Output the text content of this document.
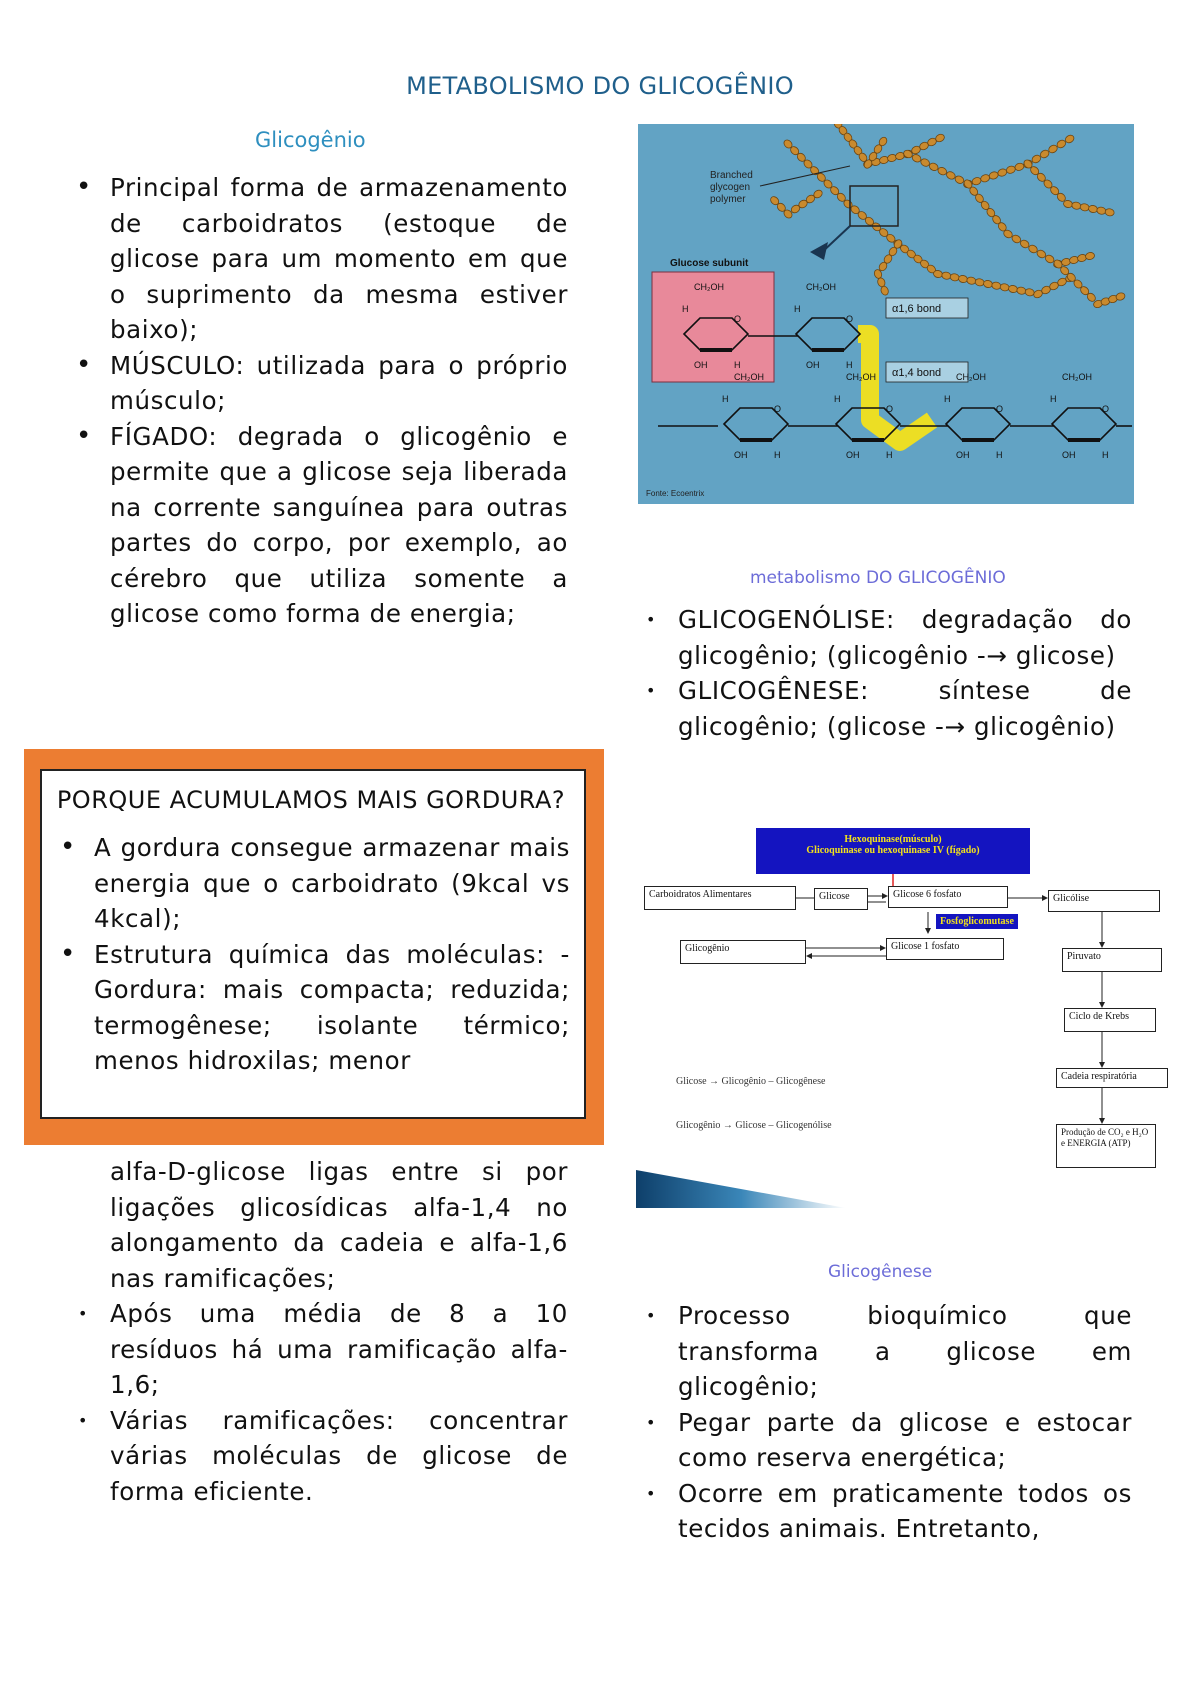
METABOLISMO DO GLICOGÊNIO
Glicogênio
• Principal forma de armazenamento de carboidratos (estoque de glicose para um momento em que o suprimento da mesma estiver baixo);
• MÚSCULO: utilizada para o próprio músculo;
• FÍGADO: degrada o glicogênio e permite que a glicose seja liberada na corrente sanguínea para outras partes do corpo, por exemplo, ao cérebro que utiliza somente a glicose como forma de energia;
alfa-D-glicose ligas entre si por ligações glicosídicas alfa-1,4 no alongamento da cadeia e alfa-1,6 nas ramificações;
• Após uma média de 8 a 10 resíduos há uma ramificação alfa-1,6;
• Várias ramificações: concentrar várias moléculas de glicose de forma eficiente.
PORQUE ACUMULAMOS MAIS GORDURA?
• A gordura consegue armazenar mais energia que o carboidrato (9kcal vs 4kcal);
• Estrutura química das moléculas: - Gordura: mais compacta; reduzida; termogênese; isolante térmico; menos hidroxilas; menor
Branched
glycogen
polymer
Glucose subunit
α1,6 bond
α1,4 bond
CH₂OH
O
H
OH	H
CH₂OH
O
H
OH	H
CH₂OH
O
H
OH	H
CH₂OH
O
H
OH	H
CH₂OH
O
H
OH	H
CH₂OH
O
H
OH	H
Fonte: Ecoentrix
metabolismo DO GLICOGÊNIO
• GLICOGENÓLISE: degradação do glicogênio; (glicogênio -→ glicose)
• GLICOGÊNESE: síntese de glicogênio; (glicose -→ glicogênio)
Hexoquinase(músculo)
Glicoquinase ou hexoquinase IV (fígado)
Carboidratos Alimentares	Glicose	Glicose 6 fosfato
Fosfoglicomutase
Glicogênio	Glicose 1 fosfato
Glicólise
Piruvato
Ciclo de Krebs
Cadeia respiratória
Produção de CO₂ e H₂O e ENERGIA (ATP)
Glicose → Glicogênio – Glicogênese
Glicogênio → Glicose – Glicogenólise
Glicogênese
• Processo bioquímico que transforma a glicose em glicogênio;
• Pegar parte da glicose e estocar como reserva energética;
• Ocorre em praticamente todos os tecidos animais. Entretanto,
